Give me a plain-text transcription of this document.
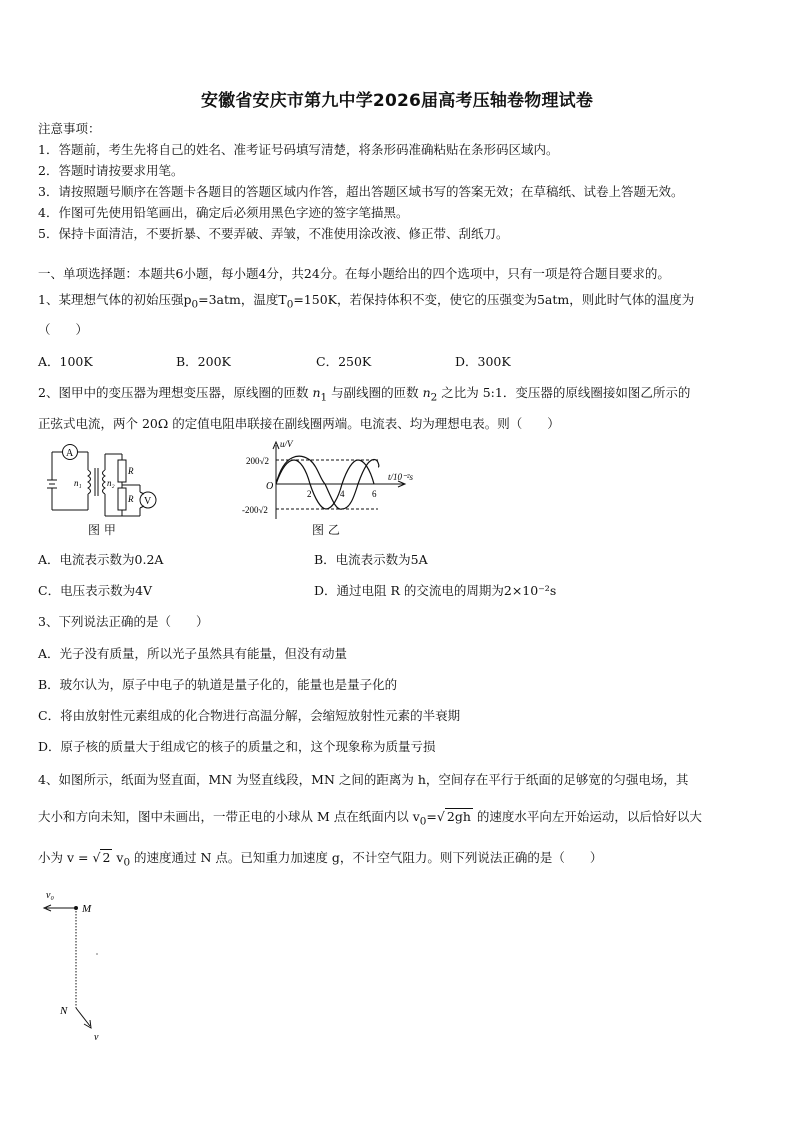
安徽省安庆市第九中学2026届高考压轴卷物理试卷
注意事项：
1．答题前，考生先将自己的姓名、准考证号码填写清楚，将条形码准确粘贴在条形码区域内。
2．答题时请按要求用笔。
3．请按照题号顺序在答题卡各题目的答题区域内作答，超出答题区域书写的答案无效；在草稿纸、试卷上答题无效。
4．作图可先使用铅笔画出，确定后必须用黑色字迹的签字笔描黑。
5．保持卡面清洁，不要折暴、不要弄破、弄皱，不准使用涂改液、修正带、刮纸刀。
一、单项选择题：本题共6小题，每小题4分，共24分。在每小题给出的四个选项中，只有一项是符合题目要求的。
1、某理想气体的初始压强$p_0=3atm$，温度$T_0=150K$，若保持体积不变，使它的压强变为5atm，则此时气体的温度为
（　　）
A．100K	B．200K	C．250K	D．300K
2、图甲中的变压器为理想变压器，原线圈的匝数 $n_1$ 与副线圈的匝数 $n_2$ 之比为 5:1．变压器的原线圈接如图乙所示的
正弦式电流，两个 20Ω 的定值电阻串联接在副线圈两端。电流表、均为理想电表。则（　　）
A
V
n₁	n₂
R
R
图 甲
u/V
t/10⁻²s
O
200√2
-200√2
2	4	6
图 乙
A．电流表示数为0.2A	B．电流表示数为5A
C．电压表示数为4V	D．通过电阻 R 的交流电的周期为2×10⁻²s
3、下列说法正确的是（　　）
A．光子没有质量，所以光子虽然具有能量，但没有动量
B．玻尔认为，原子中电子的轨道是量子化的，能量也是量子化的
C．将由放射性元素组成的化合物进行高温分解，会缩短放射性元素的半衰期
D．原子核的质量大于组成它的核子的质量之和，这个现象称为质量亏损
4、如图所示，纸面为竖直面，MN 为竖直线段，MN 之间的距离为 h，空间存在平行于纸面的足够宽的匀强电场，其
大小和方向未知，图中未画出，一带正电的小球从 M 点在纸面内以 $v_0=√$ 2gh 的速度水平向左开始运动，以后恰好以大
小为 v = √ 2 $v_0$ 的速度通过 N 点。已知重力加速度 g，不计空气阻力。则下列说法正确的是（　　）
v₀
M
N
v
